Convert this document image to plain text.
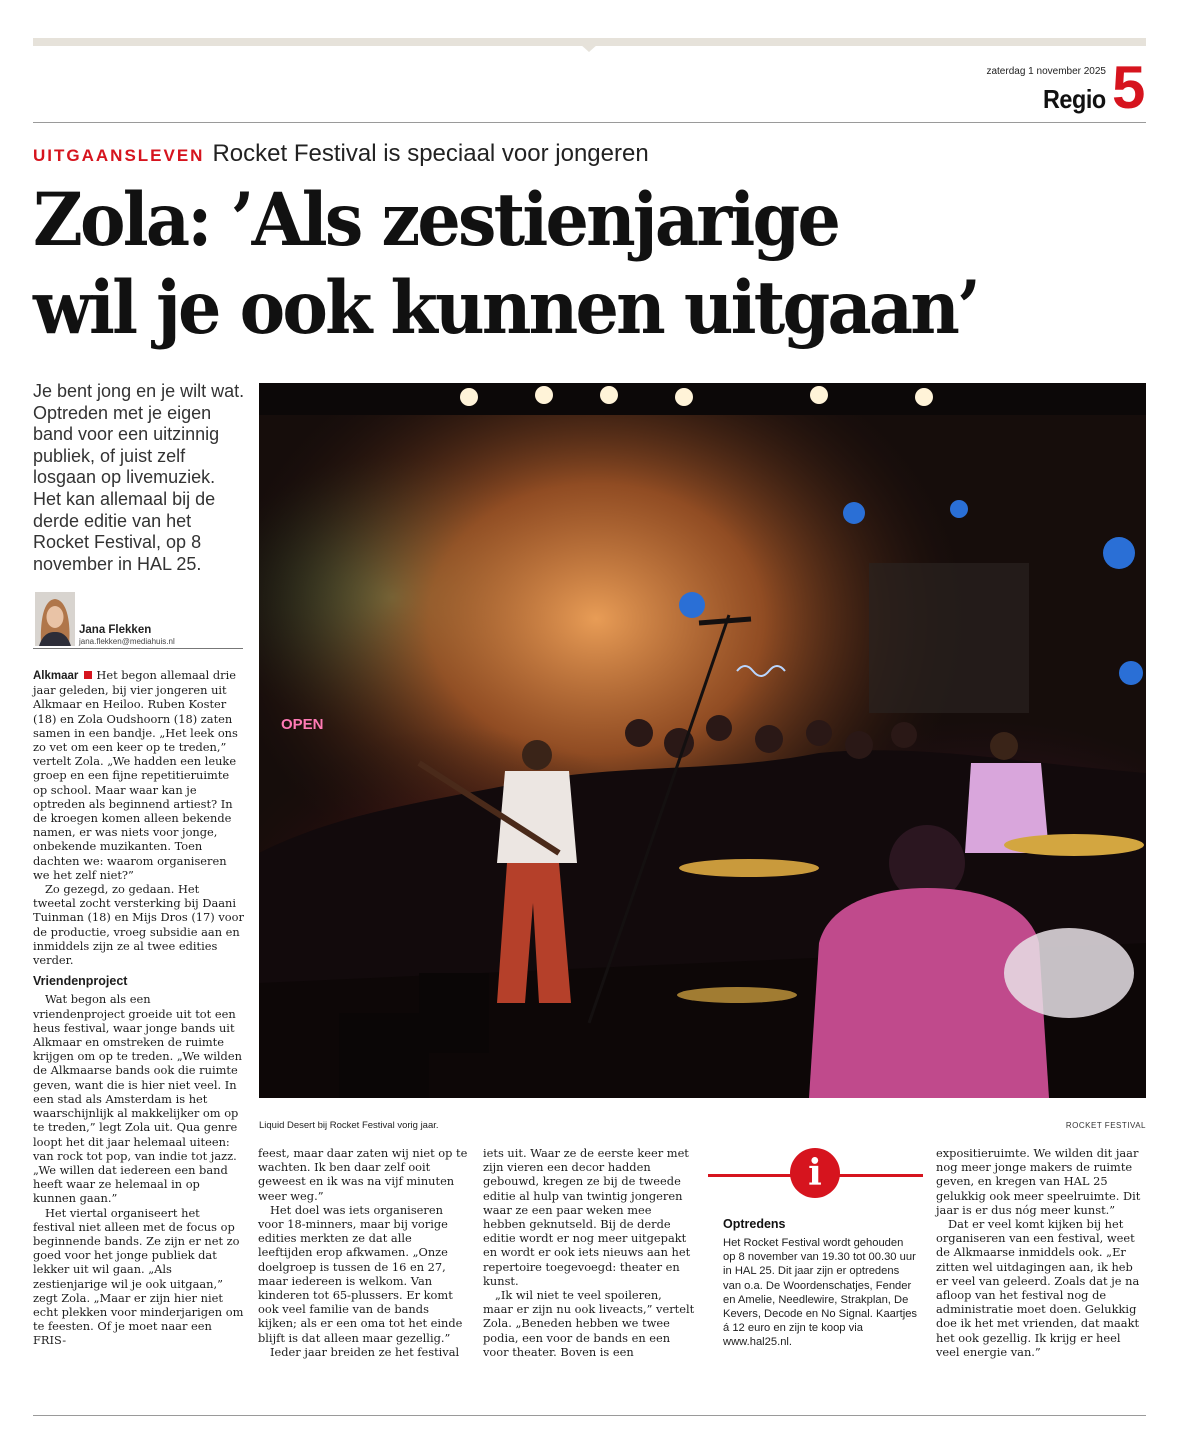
zaterdag 1 november 2025
Regio 5
UITGAANSLEVEN Rocket Festival is speciaal voor jongeren
Zola: ’Als zestienjarige
wil je ook kunnen uitgaan’
Je bent jong en je wilt wat. Optreden met je eigen band voor een uitzinnig publiek, of juist zelf losgaan op livemuziek. Het kan allemaal bij de derde editie van het Rocket Festival, op 8 november in HAL 25.
Jana Flekken
jana.flekken@mediahuis.nl

Alkmaar Het begon allemaal drie jaar geleden, bij vier jongeren uit Alkmaar en Heiloo. Ruben Koster (18) en Zola Oudshoorn (18) zaten samen in een bandje. „Het leek ons zo vet om een keer op te treden,” vertelt Zola. „We hadden een leuke groep en een fijne repetitieruimte op school. Maar waar kan je optreden als beginnend artiest? In de kroegen komen alleen bekende namen, er was niets voor jonge, onbekende muzikanten. Toen dachten we: waarom organiseren we het zelf niet?”

Zo gezegd, zo gedaan. Het tweetal zocht versterking bij Daani Tuinman (18) en Mijs Dros (17) voor de productie, vroeg subsidie aan en inmiddels zijn ze al twee edities verder.

Vriendenproject

Wat begon als een vriendenproject groeide uit tot een heus festival, waar jonge bands uit Alkmaar en omstreken de ruimte krijgen om op te treden. „We wilden de Alkmaarse bands ook die ruimte geven, want die is hier niet veel. In een stad als Amsterdam is het waarschijnlijk al makkelijker om op te treden,” legt Zola uit. Qua genre loopt het dit jaar helemaal uiteen: van rock tot pop, van indie tot jazz. „We willen dat iedereen een band heeft waar ze helemaal in op kunnen gaan.”

Het viertal organiseert het festival niet alleen met de focus op beginnende bands. Ze zijn er net zo goed voor het jonge publiek dat lekker uit wil gaan. „Als zestienjarige wil je ook uitgaan,” zegt Zola. „Maar er zijn hier niet echt plekken voor minderjarigen om te feesten. Of je moet naar een FRIS-

feest, maar daar zaten wij niet op te wachten. Ik ben daar zelf ooit geweest en ik was na vijf minuten weer weg.”

Het doel was iets organiseren voor 18-minners, maar bij vorige edities merkten ze dat alle leeftijden erop afkwamen. „Onze doelgroep is tussen de 16 en 27, maar iedereen is welkom. Van kinderen tot 65-plussers. Er komt ook veel familie van de bands kijken; als er een oma tot het einde blijft is dat alleen maar gezellig.”

Ieder jaar breiden ze het festival

iets uit. Waar ze de eerste keer met zijn vieren een decor hadden gebouwd, kregen ze bij de tweede editie al hulp van twintig jongeren waar ze een paar weken mee hebben geknutseld. Bij de derde editie wordt er nog meer uitgepakt en wordt er ook iets nieuws aan het repertoire toegevoegd: theater en kunst.

„Ik wil niet te veel spoileren, maar er zijn nu ook liveacts,” vertelt Zola. „Beneden hebben we twee podia, een voor de bands en een voor theater. Boven is een

expositieruimte. We wilden dit jaar nog meer jonge makers de ruimte geven, en kregen van HAL 25 gelukkig ook meer speelruimte. Dit jaar is er dus nóg meer kunst.”

Dat er veel komt kijken bij het organiseren van een festival, weet de Alkmaarse inmiddels ook. „Er zitten wel uitdagingen aan, ik heb er veel van geleerd. Zoals dat je na afloop van het festival nog de administratie moet doen. Gelukkig doe ik het met vrienden, dat maakt het ook gezellig. Ik krijg er heel veel energie van.”

OPEN
Liquid Desert bij Rocket Festival vorig jaar.	ROCKET FESTIVAL
i
Optredens
Het Rocket Festival wordt gehouden op 8 november van 19.30 tot 00.30 uur in HAL 25. Dit jaar zijn er optredens van o.a. De Woordenschatjes, Fender en Amelie, Needlewire, Strakplan, De Kevers, Decode en No Signal. Kaartjes á 12 euro en zijn te koop via www.hal25.nl.
